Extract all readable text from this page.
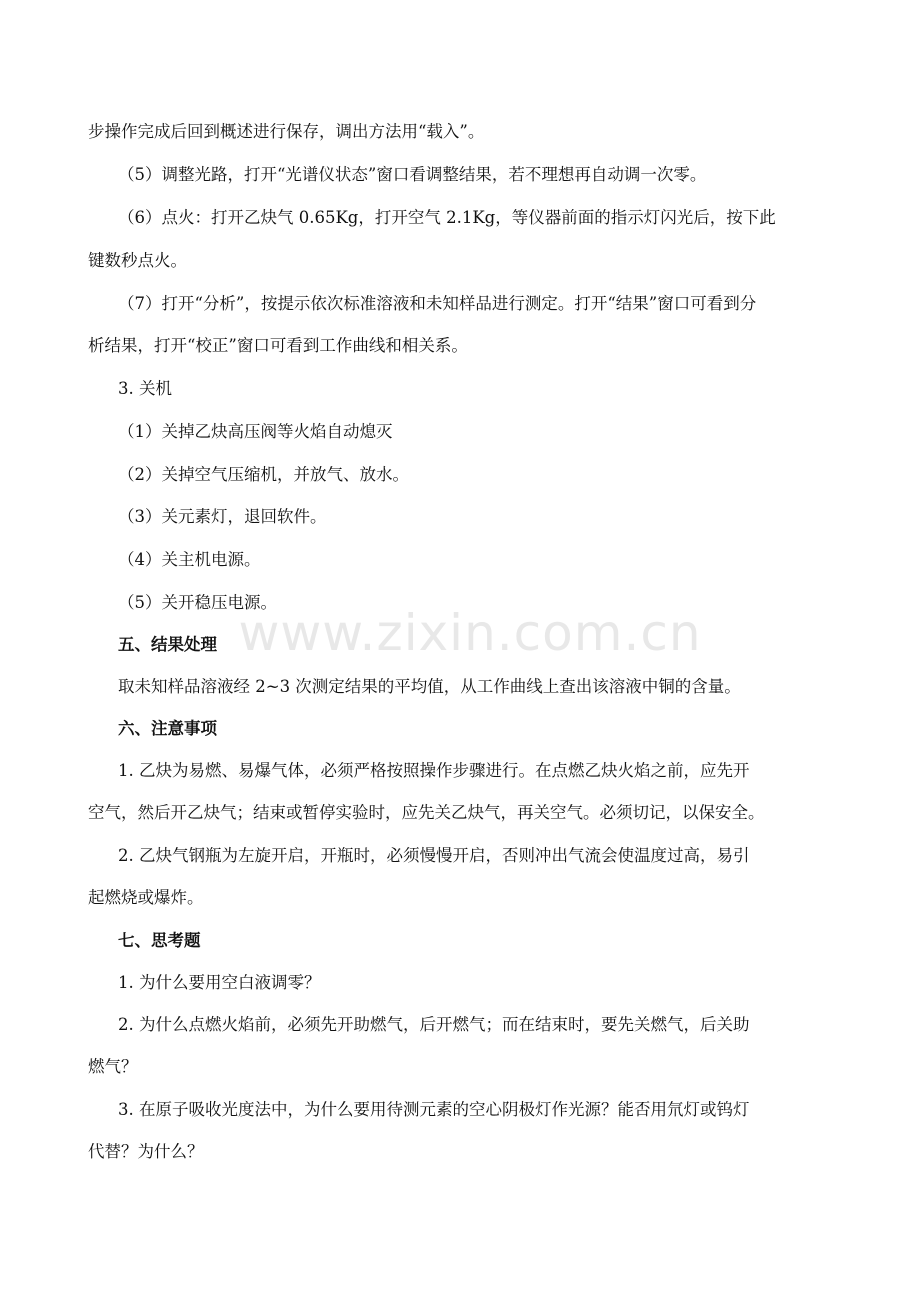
步操作完成后回到概述进行保存，调出方法用“载入”。
（5）调整光路，打开“光谱仪状态”窗口看调整结果，若不理想再自动调一次零。
（6）点火：打开乙炔气 0.65Kg，打开空气 2.1Kg，等仪器前面的指示灯闪光后，按下此
键数秒点火。
（7）打开“分析”，按提示依次标准溶液和未知样品进行测定。打开“结果”窗口可看到分
析结果，打开“校正”窗口可看到工作曲线和相关系。
3. 关机
（1）关掉乙炔高压阀等火焰自动熄灭
（2）关掉空气压缩机，并放气、放水。
（3）关元素灯，退回软件。
（4）关主机电源。
（5）关开稳压电源。
五、结果处理
取未知样品溶液经 2~3 次测定结果的平均值，从工作曲线上查出该溶液中铜的含量。
六、注意事项
1. 乙炔为易燃、易爆气体，必须严格按照操作步骤进行。在点燃乙炔火焰之前，应先开
空气，然后开乙炔气；结束或暂停实验时，应先关乙炔气，再关空气。必须切记，以保安全。
2. 乙炔气钢瓶为左旋开启，开瓶时，必须慢慢开启，否则冲出气流会使温度过高，易引
起燃烧或爆炸。
七、思考题
1. 为什么要用空白液调零？
2. 为什么点燃火焰前，必须先开助燃气，后开燃气；而在结束时，要先关燃气，后关助
燃气？
3. 在原子吸收光度法中，为什么要用待测元素的空心阴极灯作光源？能否用氘灯或钨灯
代替？为什么？
www.zixin.com.cn
